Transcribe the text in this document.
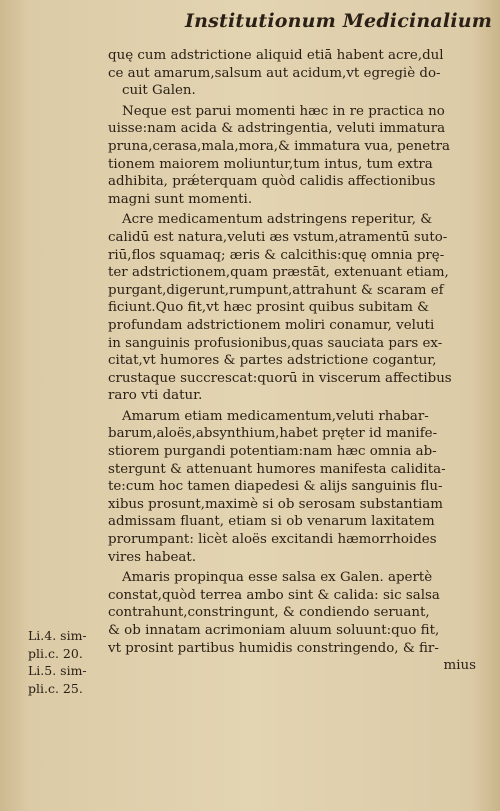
Institutionum Medicinalium
quę cum adstrictione aliquid etiā habent acre,dul
ce aut amarum,salsum aut acidum,vt egregiè do-
cuit Galen.
Neque est parui momenti hæc in re practica no
uisse:nam acida & adstringentia, veluti immatura
pruna,cerasa,mala,mora,& immatura vua, penetra
tionem maiorem moliuntur,tum intus, tum extra
adhibita, prǽterquam quòd calidis affectionibus
magni sunt momenti.
Acre medicamentum adstringens reperitur, &
calidū est natura,veluti æs vstum,atramentū suto-
riū,flos squamaq; æris & calcithis:quę omnia prę-
ter adstrictionem,quam præstāt, extenuant etiam,
purgant,digerunt,rumpunt,attrahunt & scaram ef
ficiunt.Quo fit,vt hæc prosint quibus subitam &
profundam adstrictionem moliri conamur, veluti
in sanguinis profusionibus,quas sauciata pars ex-
citat,vt humores & partes adstrictione cogantur,
crustaque succrescat:quorū in viscerum affectibus
raro vti datur.
Amarum etiam medicamentum,veluti rhabar-
barum,aloës,absynthium,habet pręter id manife-
stiorem purgandi potentiam:nam hæc omnia ab-
stergunt & attenuant humores manifesta calidita-
te:cum hoc tamen diapedesi & alijs sanguinis flu-
xibus prosunt,maximè si ob serosam substantiam
admissam fluant, etiam si ob venarum laxitatem
prorumpant: licèt aloës excitandi hæmorrhoides
vires habeat.
Amaris propinqua esse salsa ex Galen. apertè
constat,quòd terrea ambo sint & calida: sic salsa
contrahunt,constringunt, & condiendo seruant,
& ob innatam acrimoniam aluum soluunt:quo fit,
vt prosint partibus humidis constringendo, & fir-
mius
Li.4. sim-
pli.c. 20.
Li.5. sim-
pli.c. 25.
